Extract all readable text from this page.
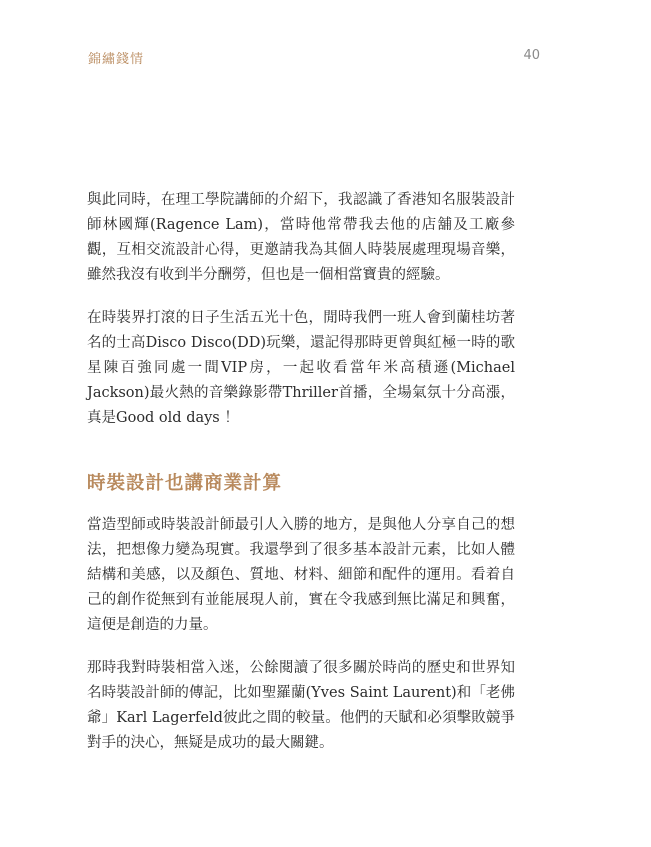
錦繡錢情	40

與此同時，在理工學院講師的介紹下，我認識了香港知名服裝設計師林國輝(Ragence Lam)，當時他常帶我去他的店舖及工廠參觀，互相交流設計心得，更邀請我為其個人時裝展處理現場音樂，雖然我沒有收到半分酬勞，但也是一個相當寶貴的經驗。

在時裝界打滾的日子生活五光十色，閒時我們一班人會到蘭桂坊著名的士高Disco Disco(DD)玩樂，還記得那時更曾與紅極一時的歌星陳百強同處一間VIP房，一起收看當年米高積遜(Michael Jackson)最火熱的音樂錄影帶Thriller首播，全場氣氛十分高漲，真是Good old days ！

時裝設計也講商業計算

當造型師或時裝設計師最引人入勝的地方，是與他人分享自己的想法，把想像力變為現實。我還學到了很多基本設計元素，比如人體結構和美感，以及顏色、質地、材料、細節和配件的運用。看着自己的創作從無到有並能展現人前，實在令我感到無比滿足和興奮，這便是創造的力量。

那時我對時裝相當入迷，公餘閱讀了很多關於時尚的歷史和世界知名時裝設計師的傳記，比如聖羅蘭(Yves Saint Laurent)和「老佛爺」Karl Lagerfeld彼此之間的較量。他們的天賦和必須擊敗競爭對手的決心，無疑是成功的最大關鍵。
